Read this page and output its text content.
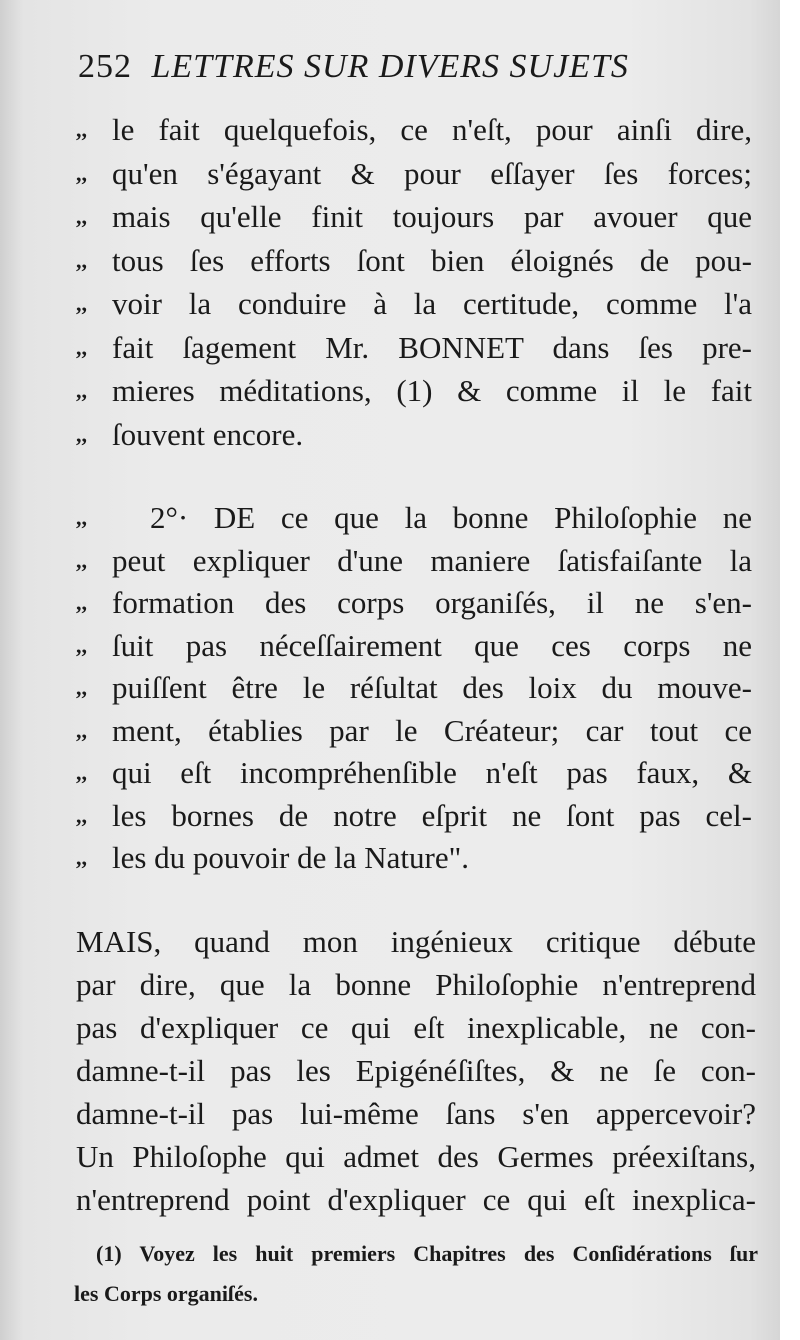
252 LETTRES SUR DIVERS SUJETS
,, le fait quelquefois, ce n'eſt, pour ainſi dire,
,, qu'en s'égayant & pour eſſayer ſes forces;
,, mais qu'elle finit toujours par avouer que
,, tous ſes efforts ſont bien éloignés de pou-
,, voir la conduire à la certitude, comme l'a
,, fait ſagement Mr. BONNET dans ſes pre-
,, mieres méditations, (1) & comme il le fait
,, ſouvent encore.
,, 2°· DE ce que la bonne Philoſophie ne
,, peut expliquer d'une maniere ſatisfaiſante la
,, formation des corps organiſés, il ne s'en-
,, ſuit pas néceſſairement que ces corps ne
,, puiſſent être le réſultat des loix du mouve-
,, ment, établies par le Créateur; car tout ce
,, qui eſt incompréhenſible n'eſt pas faux, &
,, les bornes de notre eſprit ne ſont pas cel-
,, les du pouvoir de la Nature".
MAIS, quand mon ingénieux critique débute
par dire, que la bonne Philoſophie n'entreprend
pas d'expliquer ce qui eſt inexplicable, ne con-
damne-t-il pas les Epigénéſiſtes, & ne ſe con-
damne-t-il pas lui-même ſans s'en appercevoir?
Un Philoſophe qui admet des Germes préexiſtans,
n'entreprend point d'expliquer ce qui eſt inexplica-
(1) Voyez les huit premiers Chapitres des Conſidérations ſur
les Corps organiſés.
